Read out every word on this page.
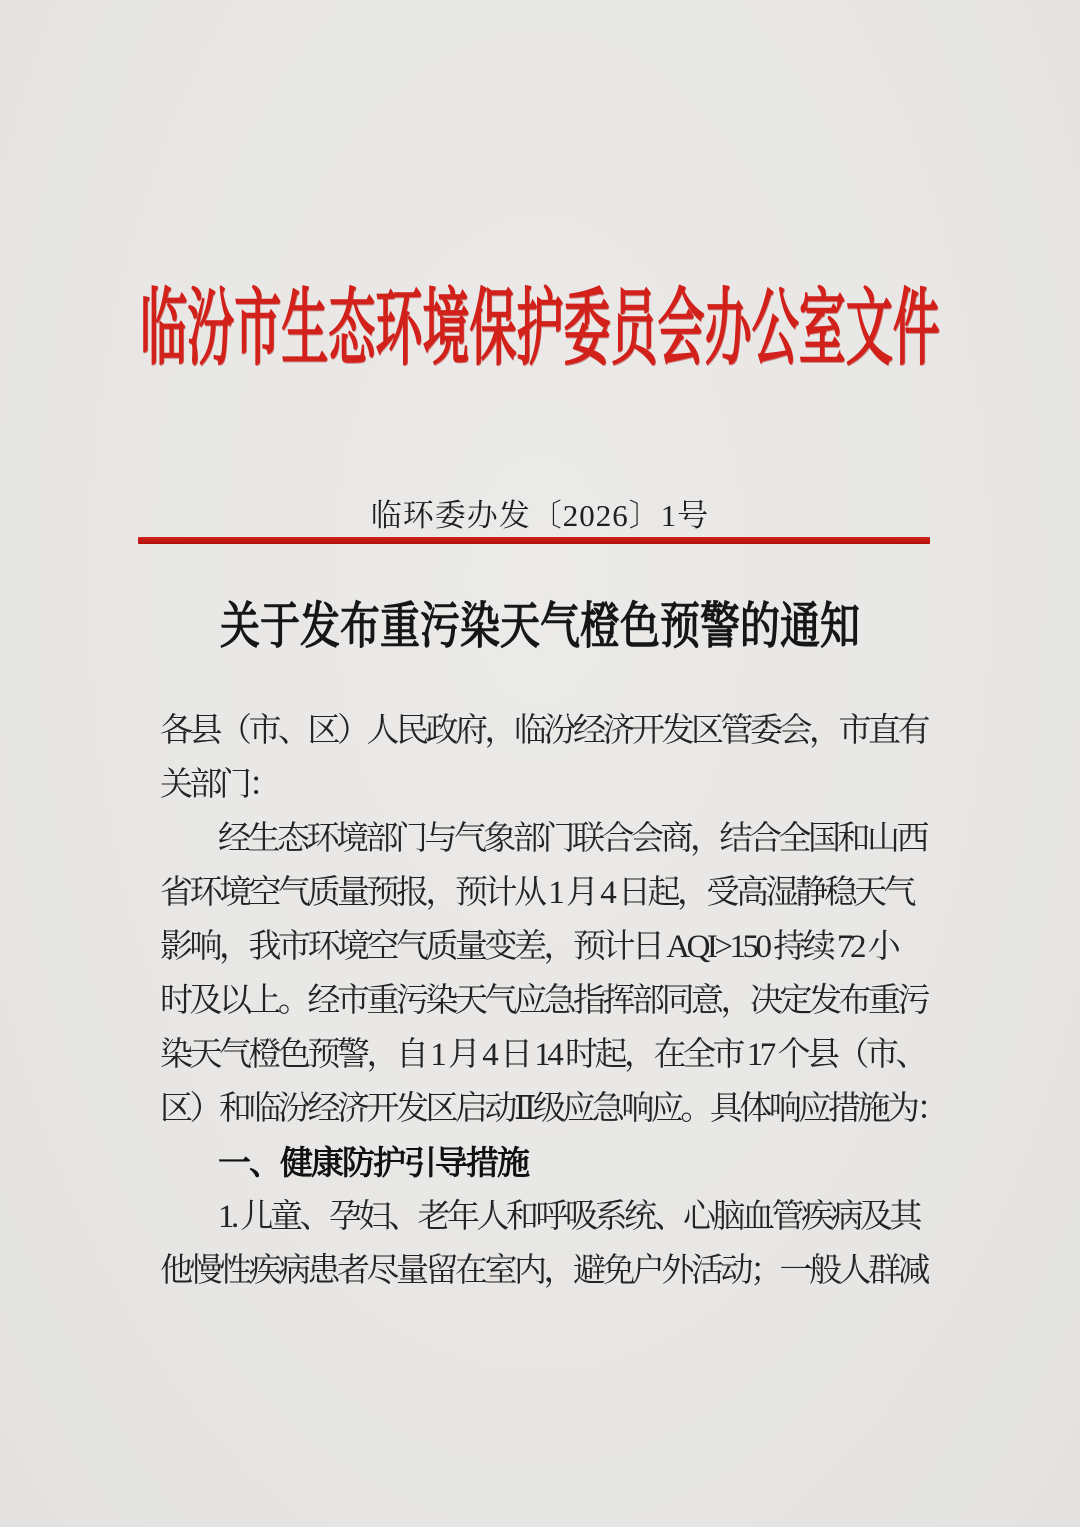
临汾市生态环境保护委员会办公室文件
临环委办发〔2026〕1号
关于发布重污染天气橙色预警的通知
各县（市、区）人民政府，临汾经济开发区管委会，市直有
关部门：
经生态环境部门与气象部门联合会商，结合全国和山西
省环境空气质量预报，预计从 1 月 4 日起，受高湿静稳天气
影响，我市环境空气质量变差，预计日 AQI>150 持续 72 小
时及以上。经市重污染天气应急指挥部同意，决定发布重污
染天气橙色预警，自 1 月 4 日 14 时起，在全市 17 个县（市、
区）和临汾经济开发区启动Ⅱ级应急响应。具体响应措施为：
一、健康防护引导措施
1. 儿童、孕妇、老年人和呼吸系统、心脑血管疾病及其
他慢性疾病患者尽量留在室内，避免户外活动；一般人群减
